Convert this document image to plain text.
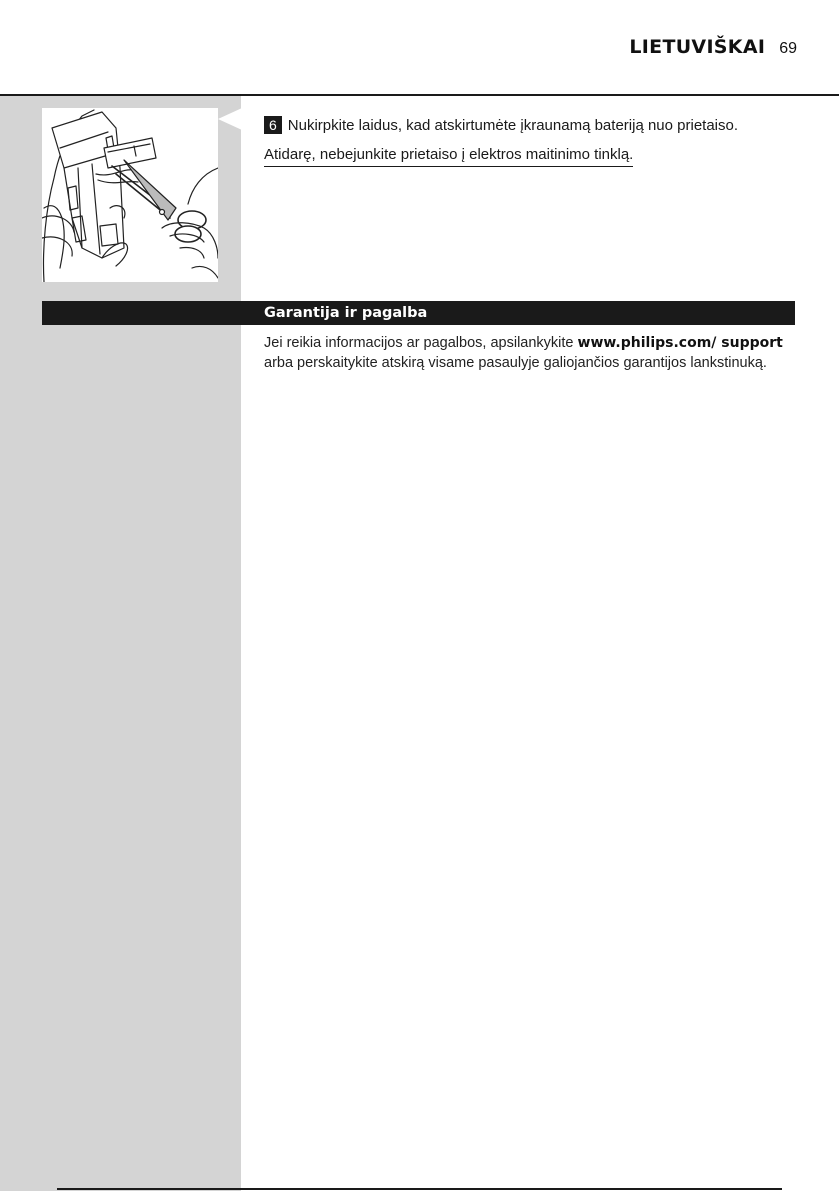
LIETUVIŠKAI 69
6 Nukirpkite laidus, kad atskirtumėte įkraunamą bateriją nuo prietaiso.
Atidarę, nebejunkite prietaiso į elektros maitinimo tinklą.
Garantija ir pagalba
Jei reikia informacijos ar pagalbos, apsilankykite www.philips.com/ support arba perskaitykite atskirą visame pasaulyje galiojančios garantijos lankstinuką.
